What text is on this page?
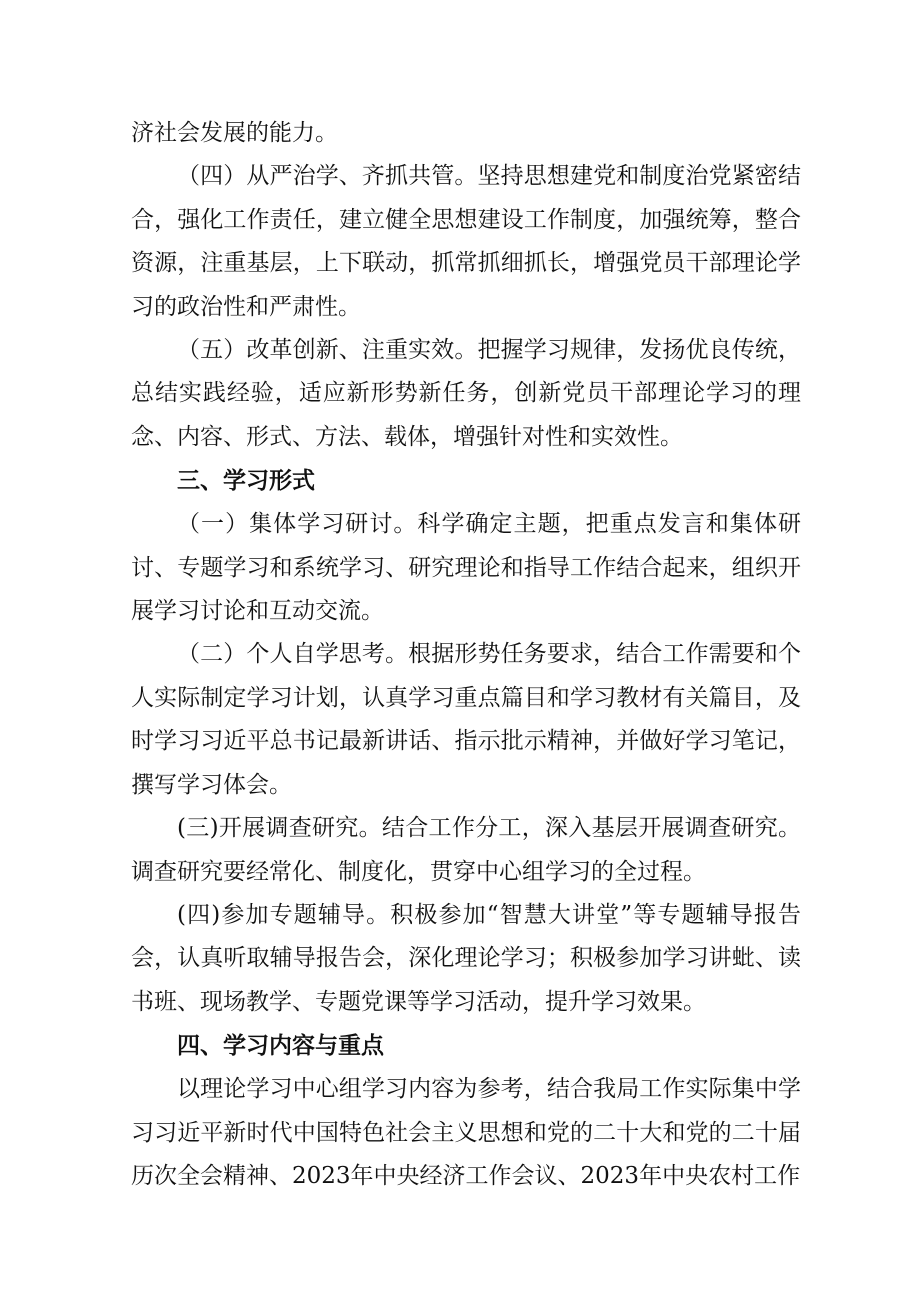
济社会发展的能力。

（四）从严治学、齐抓共管。坚持思想建党和制度治党紧密结合，强化工作责任，建立健全思想建设工作制度，加强统筹，整合资源，注重基层，上下联动，抓常抓细抓长，增强党员干部理论学习的政治性和严肃性。

（五）改革创新、注重实效。把握学习规律，发扬优良传统，总结实践经验，适应新形势新任务，创新党员干部理论学习的理念、内容、形式、方法、载体，增强针对性和实效性。

三、学习形式

（一）集体学习研讨。科学确定主题，把重点发言和集体研讨、专题学习和系统学习、研究理论和指导工作结合起来，组织开展学习讨论和互动交流。

（二）个人自学思考。根据形势任务要求，结合工作需要和个人实际制定学习计划，认真学习重点篇目和学习教材有关篇目，及时学习习近平总书记最新讲话、指示批示精神，并做好学习笔记，撰写学习体会。

(三)开展调查研究。结合工作分工，深入基层开展调查研究。调查研究要经常化、制度化，贯穿中心组学习的全过程。

(四)参加专题辅导。积极参加“智慧大讲堂”等专题辅导报告会，认真听取辅导报告会，深化理论学习；积极参加学习讲蚍、读书班、现场教学、专题党课等学习活动，提升学习效果。

四、学习内容与重点

以理论学习中心组学习内容为参考，结合我局工作实际集中学习习近平新时代中国特色社会主义思想和党的二十大和党的二十届历次全会精神、2023年中央经济工作会议、2023年中央农村工作
